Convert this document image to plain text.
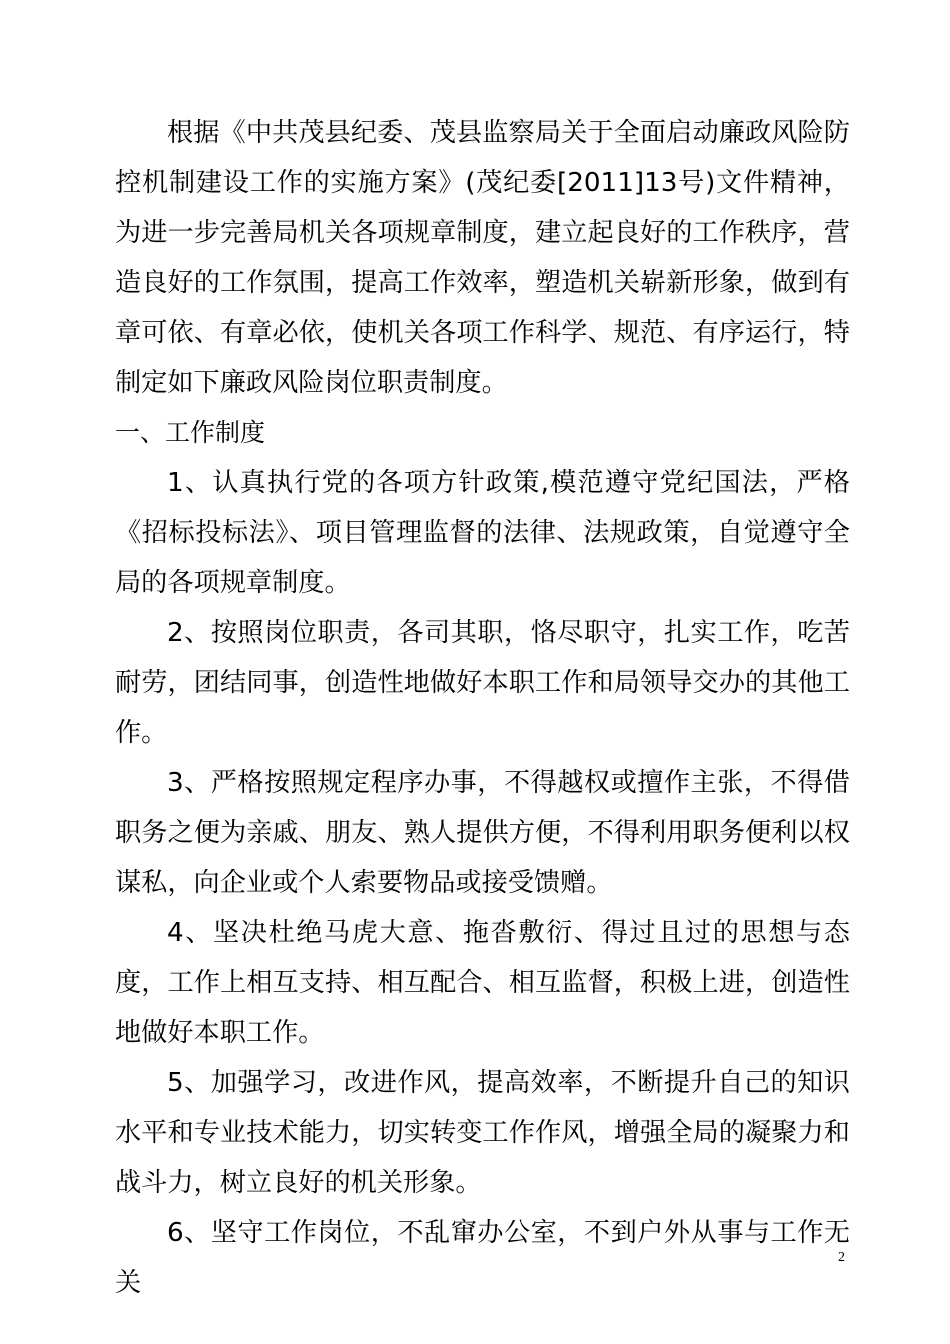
根据《中共茂县纪委、茂县监察局关于全面启动廉政风险防控机制建设工作的实施方案》(茂纪委[2011]13号)文件精神，为进一步完善局机关各项规章制度，建立起良好的工作秩序，营造良好的工作氛围，提高工作效率，塑造机关崭新形象，做到有章可依、有章必依，使机关各项工作科学、规范、有序运行，特制定如下廉政风险岗位职责制度。

一、工作制度

1、认真执行党的各项方针政策,模范遵守党纪国法，严格《招标投标法》、项目管理监督的法律、法规政策，自觉遵守全局的各项规章制度。

2、按照岗位职责，各司其职，恪尽职守，扎实工作，吃苦耐劳，团结同事，创造性地做好本职工作和局领导交办的其他工作。

3、严格按照规定程序办事，不得越权或擅作主张，不得借职务之便为亲戚、朋友、熟人提供方便，不得利用职务便利以权谋私，向企业或个人索要物品或接受馈赠。

4、坚决杜绝马虎大意、拖沓敷衍、得过且过的思想与态度，工作上相互支持、相互配合、相互监督，积极上进，创造性地做好本职工作。

5、加强学习，改进作风，提高效率，不断提升自己的知识水平和专业技术能力，切实转变工作作风，增强全局的凝聚力和战斗力，树立良好的机关形象。

6、坚守工作岗位，不乱窜办公室，不到户外从事与工作无关

2
